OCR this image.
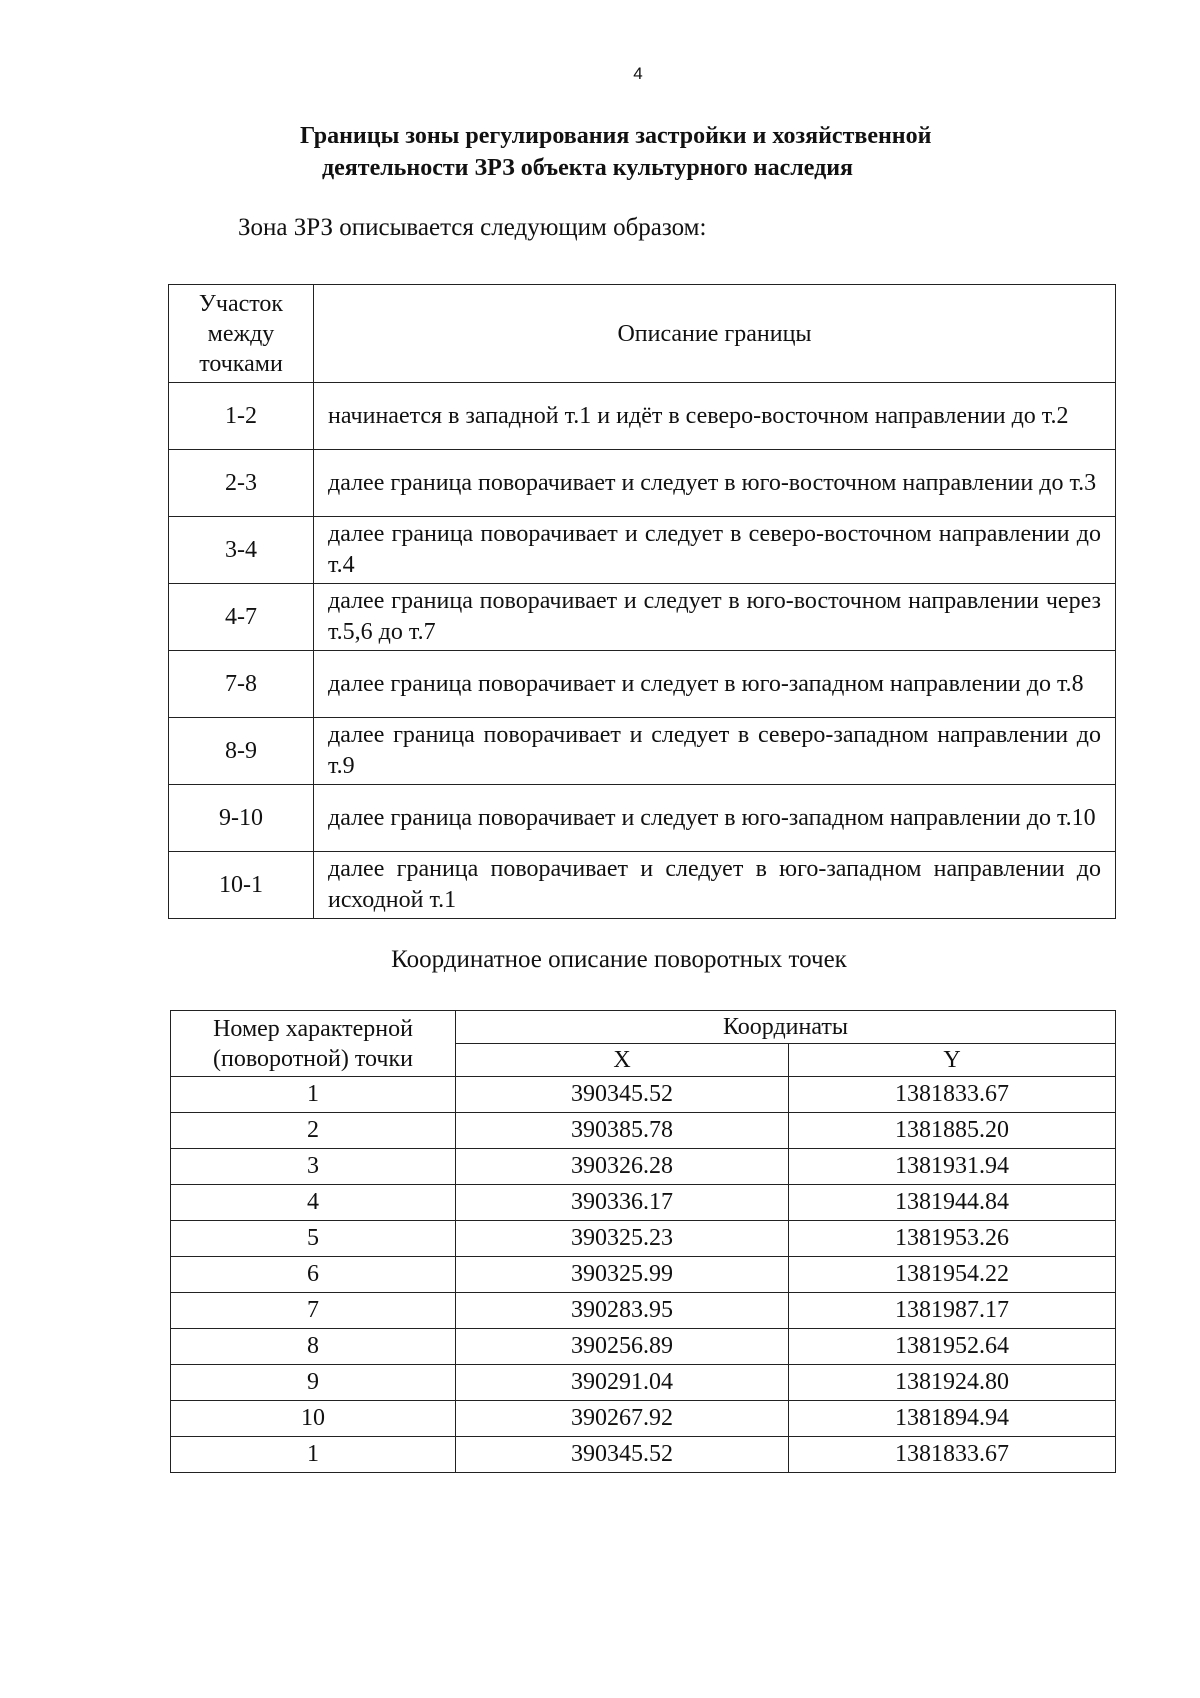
4
Границы зоны регулирования застройки и хозяйственной
деятельности ЗРЗ объекта культурного наследия
Зона ЗРЗ описывается следующим образом:
Участок между точками	Описание границы
1-2	начинается в западной т.1 и идёт в северо-восточном направлении до т.2
2-3	далее граница поворачивает и следует в юго-восточном направлении до т.3
3-4	далее граница поворачивает и следует в северо-восточном направлении до т.4
4-7	далее граница поворачивает и следует в юго-восточном направлении через т.5,6 до т.7
7-8	далее граница поворачивает и следует в юго-западном направлении до т.8
8-9	далее граница поворачивает и следует в северо-западном направлении до т.9
9-10	далее граница поворачивает и следует в юго-западном направлении до т.10
10-1	далее граница поворачивает и следует в юго-западном направлении до исходной т.1
Координатное описание поворотных точек
Номер характерной (поворотной) точки	Координаты	
	X	Y
1	390345.52	1381833.67
2	390385.78	1381885.20
3	390326.28	1381931.94
4	390336.17	1381944.84
5	390325.23	1381953.26
6	390325.99	1381954.22
7	390283.95	1381987.17
8	390256.89	1381952.64
9	390291.04	1381924.80
10	390267.92	1381894.94
1	390345.52	1381833.67
